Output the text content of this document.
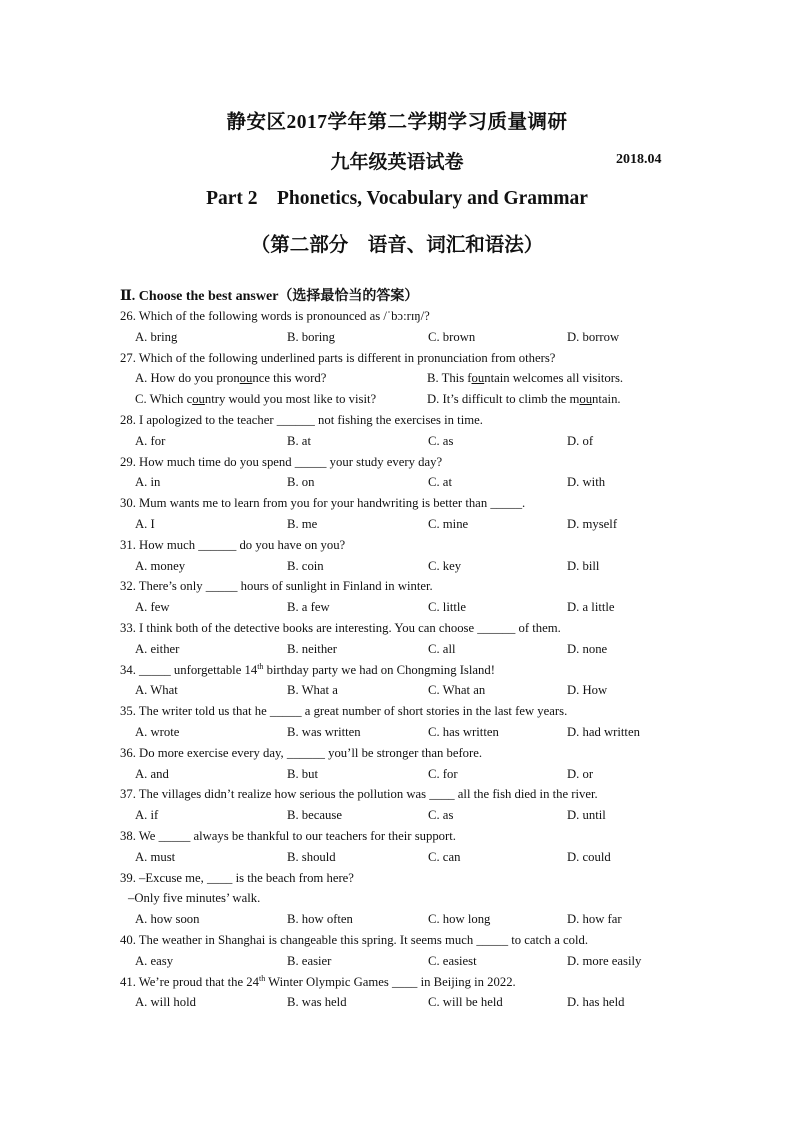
静安区2017学年第二学期学习质量调研
九年级英语试卷	2018.04
Part 2    Phonetics, Vocabulary and Grammar
（第二部分    语音、词汇和语法）
Ⅱ. Choose the best answer（选择最恰当的答案）
26. Which of the following words is pronounced as /ˈbɔ:rɪŋ/?
A. bring	B. boring	C. brown	D. borrow
27. Which of the following underlined parts is different in pronunciation from others?
A. How do you pronounce this word?	B. This fountain welcomes all visitors.
C. Which country would you most like to visit?	D. It’s difficult to climb the mountain.
28. I apologized to the teacher ______ not fishing the exercises in time.
A. for	B. at	C. as	D. of
29. How much time do you spend _____ your study every day?
A. in	B. on	C. at	D. with
30. Mum wants me to learn from you for your handwriting is better than _____.
A. I	B. me	C. mine	D. myself
31. How much ______ do you have on you?
A. money	B. coin	C. key	D. bill
32. There’s only _____ hours of sunlight in Finland in winter.
A. few	B. a few	C. little	D. a little
33. I think both of the detective books are interesting. You can choose ______ of them.
A. either	B. neither	C. all	D. none
34. _____ unforgettable 14th birthday party we had on Chongming Island!
A. What	B. What a	C. What an	D. How
35. The writer told us that he _____ a great number of short stories in the last few years.
A. wrote	B. was written	C. has written	D. had written
36. Do more exercise every day, ______ you’ll be stronger than before.
A. and	B. but	C. for	D. or
37. The villages didn’t realize how serious the pollution was ____ all the fish died in the river.
A. if	B. because	C. as	D. until
38. We _____ always be thankful to our teachers for their support.
A. must	B. should	C. can	D. could
39. –Excuse me, ____ is the beach from here?
–Only five minutes’ walk.
A. how soon	B. how often	C. how long	D. how far
40. The weather in Shanghai is changeable this spring. It seems much _____ to catch a cold.
A. easy	B. easier	C. easiest	D. more easily
41. We’re proud that the 24th Winter Olympic Games ____ in Beijing in 2022.
A. will hold	B. was held	C. will be held	D. has held
